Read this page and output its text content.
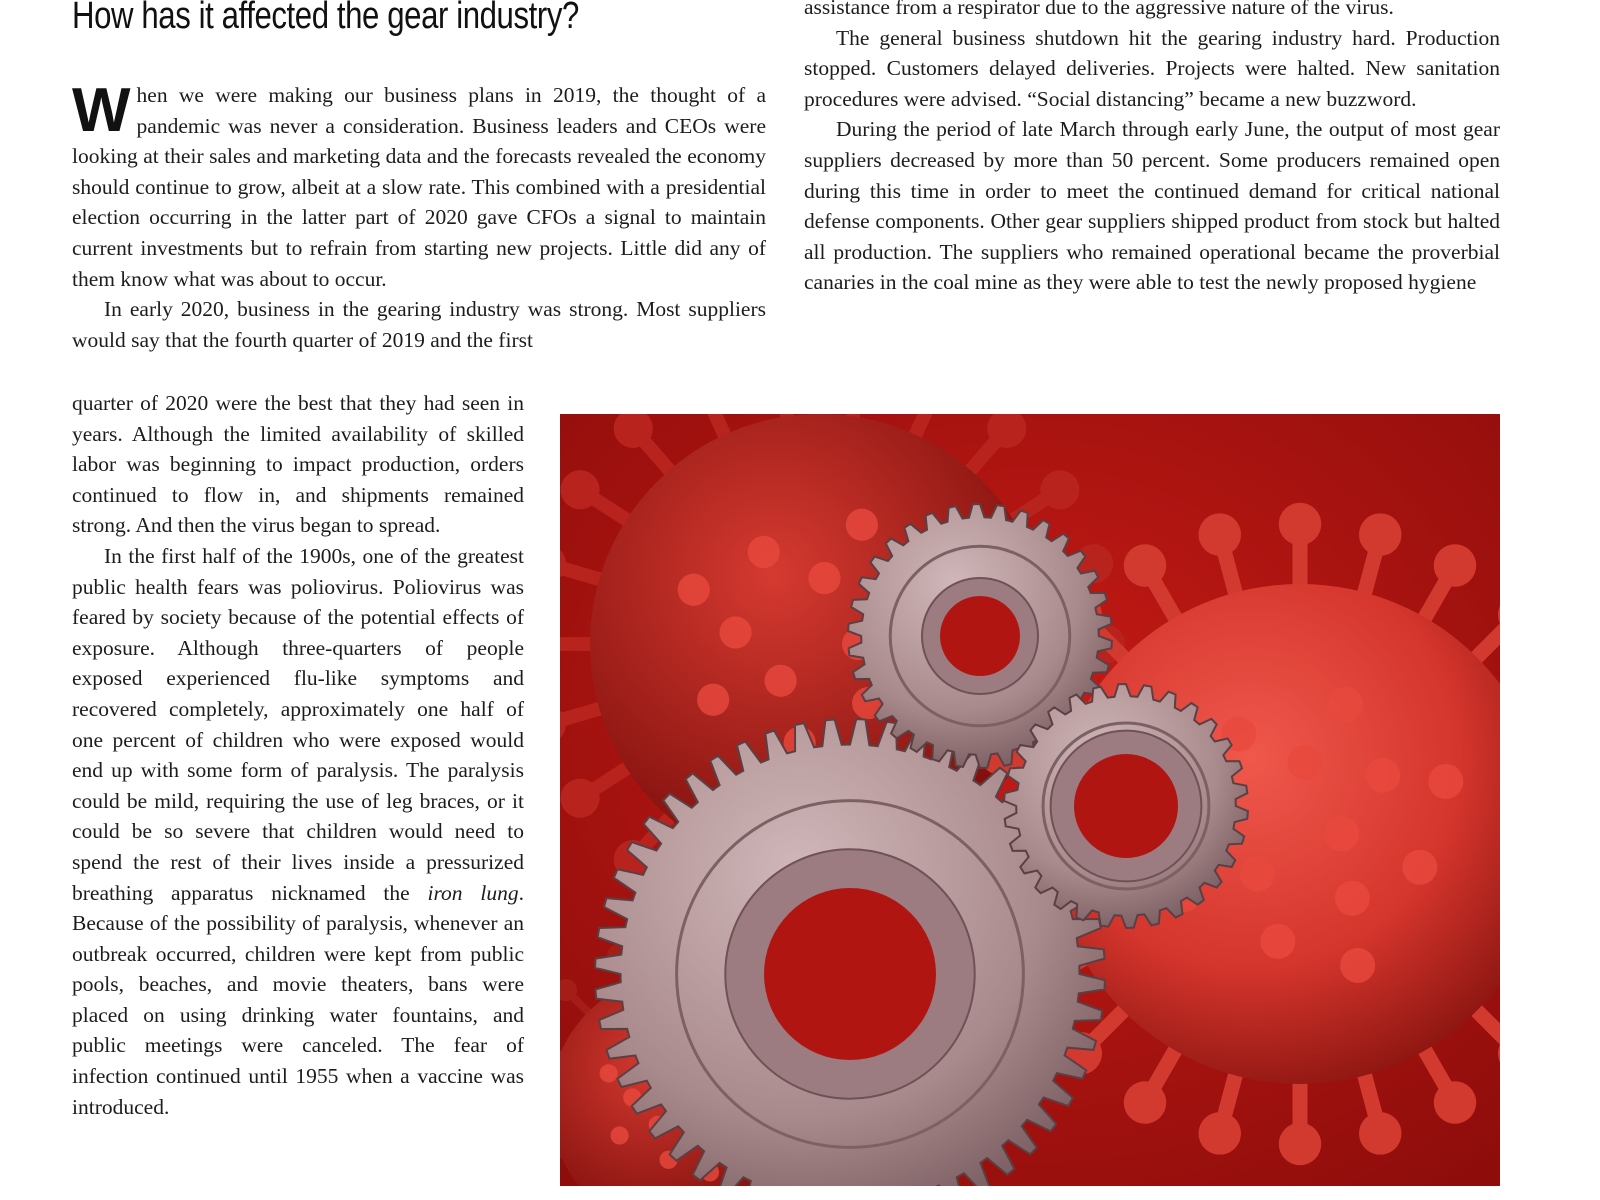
How has it affected the gear industry?

When we were making our business plans in 2019, the thought of a pandemic was never a consideration. Business leaders and CEOs were looking at their sales and marketing data and the forecasts revealed the economy should continue to grow, albeit at a slow rate. This combined with a presidential election occurring in the latter part of 2020 gave CFOs a signal to maintain current investments but to refrain from starting new projects. Little did any of them know what was about to occur.

In early 2020, business in the gearing industry was strong. Most suppliers would say that the fourth quarter of 2019 and the first

quarter of 2020 were the best that they had seen in years. Although the limited availability of skilled labor was beginning to impact production, orders continued to flow in, and shipments remained strong. And then the virus began to spread.

In the first half of the 1900s, one of the greatest public health fears was poliovirus. Poliovirus was feared by society because of the potential effects of exposure. Although three-quarters of people exposed experienced flu-like symptoms and recovered completely, approximately one half of one percent of children who were exposed would end up with some form of paralysis. The paralysis could be mild, requiring the use of leg braces, or it could be so severe that children would need to spend the rest of their lives inside a pressurized breathing apparatus nicknamed the iron lung. Because of the possibility of paralysis, whenever an outbreak occurred, children were kept from public pools, beaches, and movie theaters, bans were placed on using drinking water fountains, and public meetings were canceled. The fear of infection continued until 1955 when a vaccine was introduced.

assistance from a respirator due to the aggressive nature of the virus.

The general business shutdown hit the gearing industry hard. Production stopped. Customers delayed deliveries. Projects were halted. New sanitation procedures were advised. “Social distancing” became a new buzzword.

During the period of late March through early June, the output of most gear suppliers decreased by more than 50 percent. Some producers remained open during this time in order to meet the continued demand for critical national defense components. Other gear suppliers shipped product from stock but halted all production. The suppliers who remained operational became the proverbial canaries in the coal mine as they were able to test the newly proposed hygiene
